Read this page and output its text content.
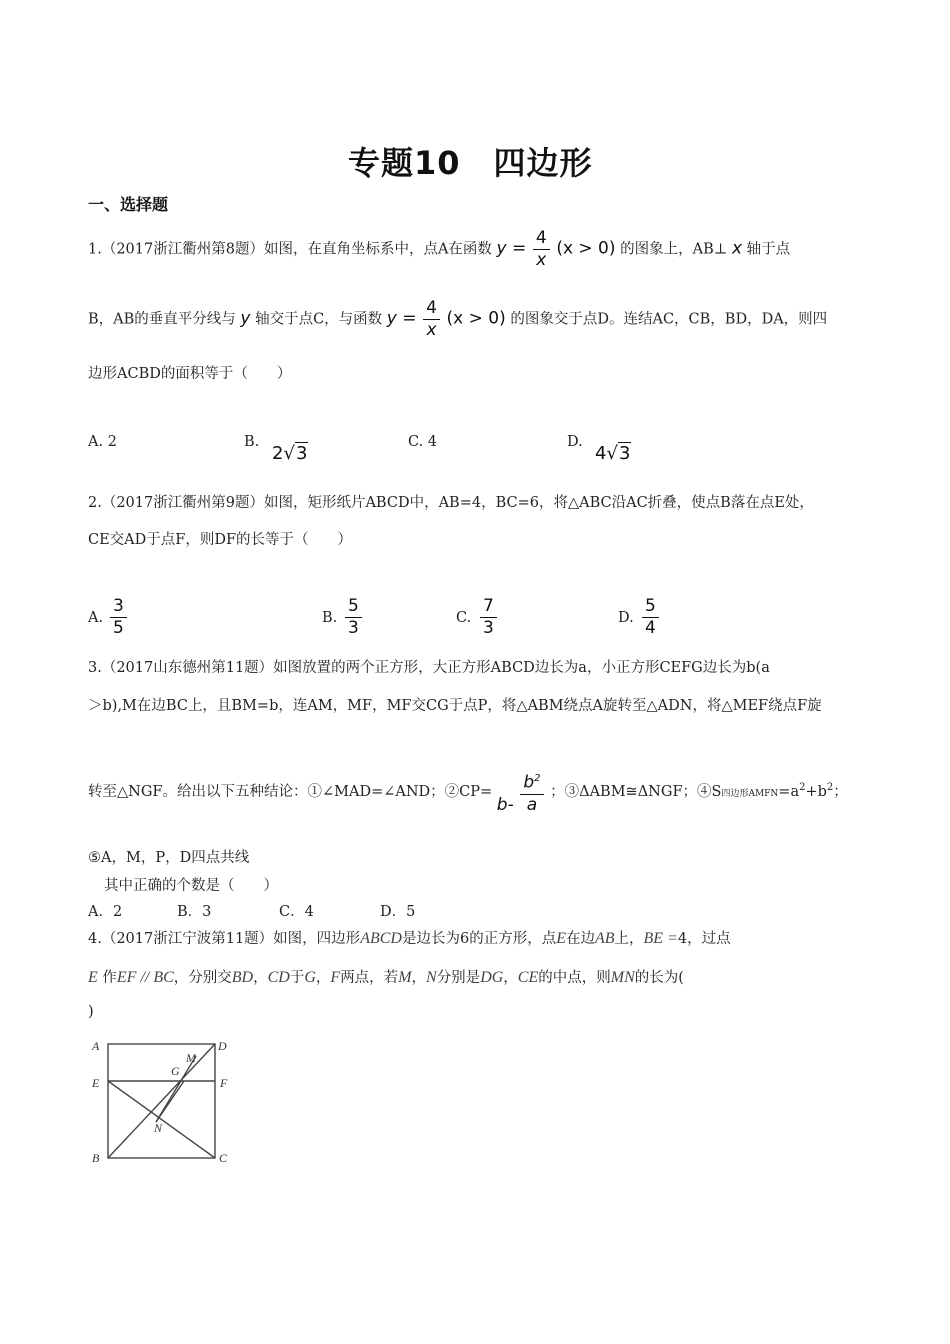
专题10　四边形
一、选择题
1.（2017浙江衢州第8题）如图，在直角坐标系中，点A在函数 $y = \frac{4}{x} (x > 0)$ 的图象上，AB⊥ x 轴于点
B，AB的垂直平分线与 y 轴交于点C，与函数 $y = \frac{4}{x} (x > 0)$ 的图象交于点D。连结AC，CB，BD，DA，则四
边形ACBD的面积等于（　　）
A. 2	B.
2√3
C. 4	D.
4√3
2.（2017浙江衢州第9题）如图，矩形纸片ABCD中，AB=4，BC=6，将△ABC沿AC折叠，使点B落在点E处，
CE交AD于点F，则DF的长等于（　　）
A. $\frac{3}{5}$	B. $\frac{5}{3}$	C. $\frac{7}{3}$	D. $\frac{5}{4}$
3.（2017山东德州第11题）如图放置的两个正方形，大正方形ABCD边长为a，小正方形CEFG边长为b(a
＞b),M在边BC上，且BM=b，连AM，MF，MF交CG于点P，将△ABM绕点A旋转至△ADN，将△MEF绕点F旋
转至△NGF。给出以下五种结论：①∠MAD=∠AND；②CP= $b- \frac{b^2}{a}$ ；③ΔABM≅ΔNGF；④S四边形$AMFN=a^2+b^2$；
⑤A，M，P，D四点共线
其中正确的个数是（　　）
A．2	B．3	C．4	D．5
4.（2017浙江宁波第11题）如图，四边形ABCD是边长为6的正方形，点E在边AB上，BE =4，过点
E 作EF // BC，分别交BD，CD于G，F两点，若M，N分别是DG，CE的中点，则MN的长为(
)
A	D
M
G
E	F
N
B	C
